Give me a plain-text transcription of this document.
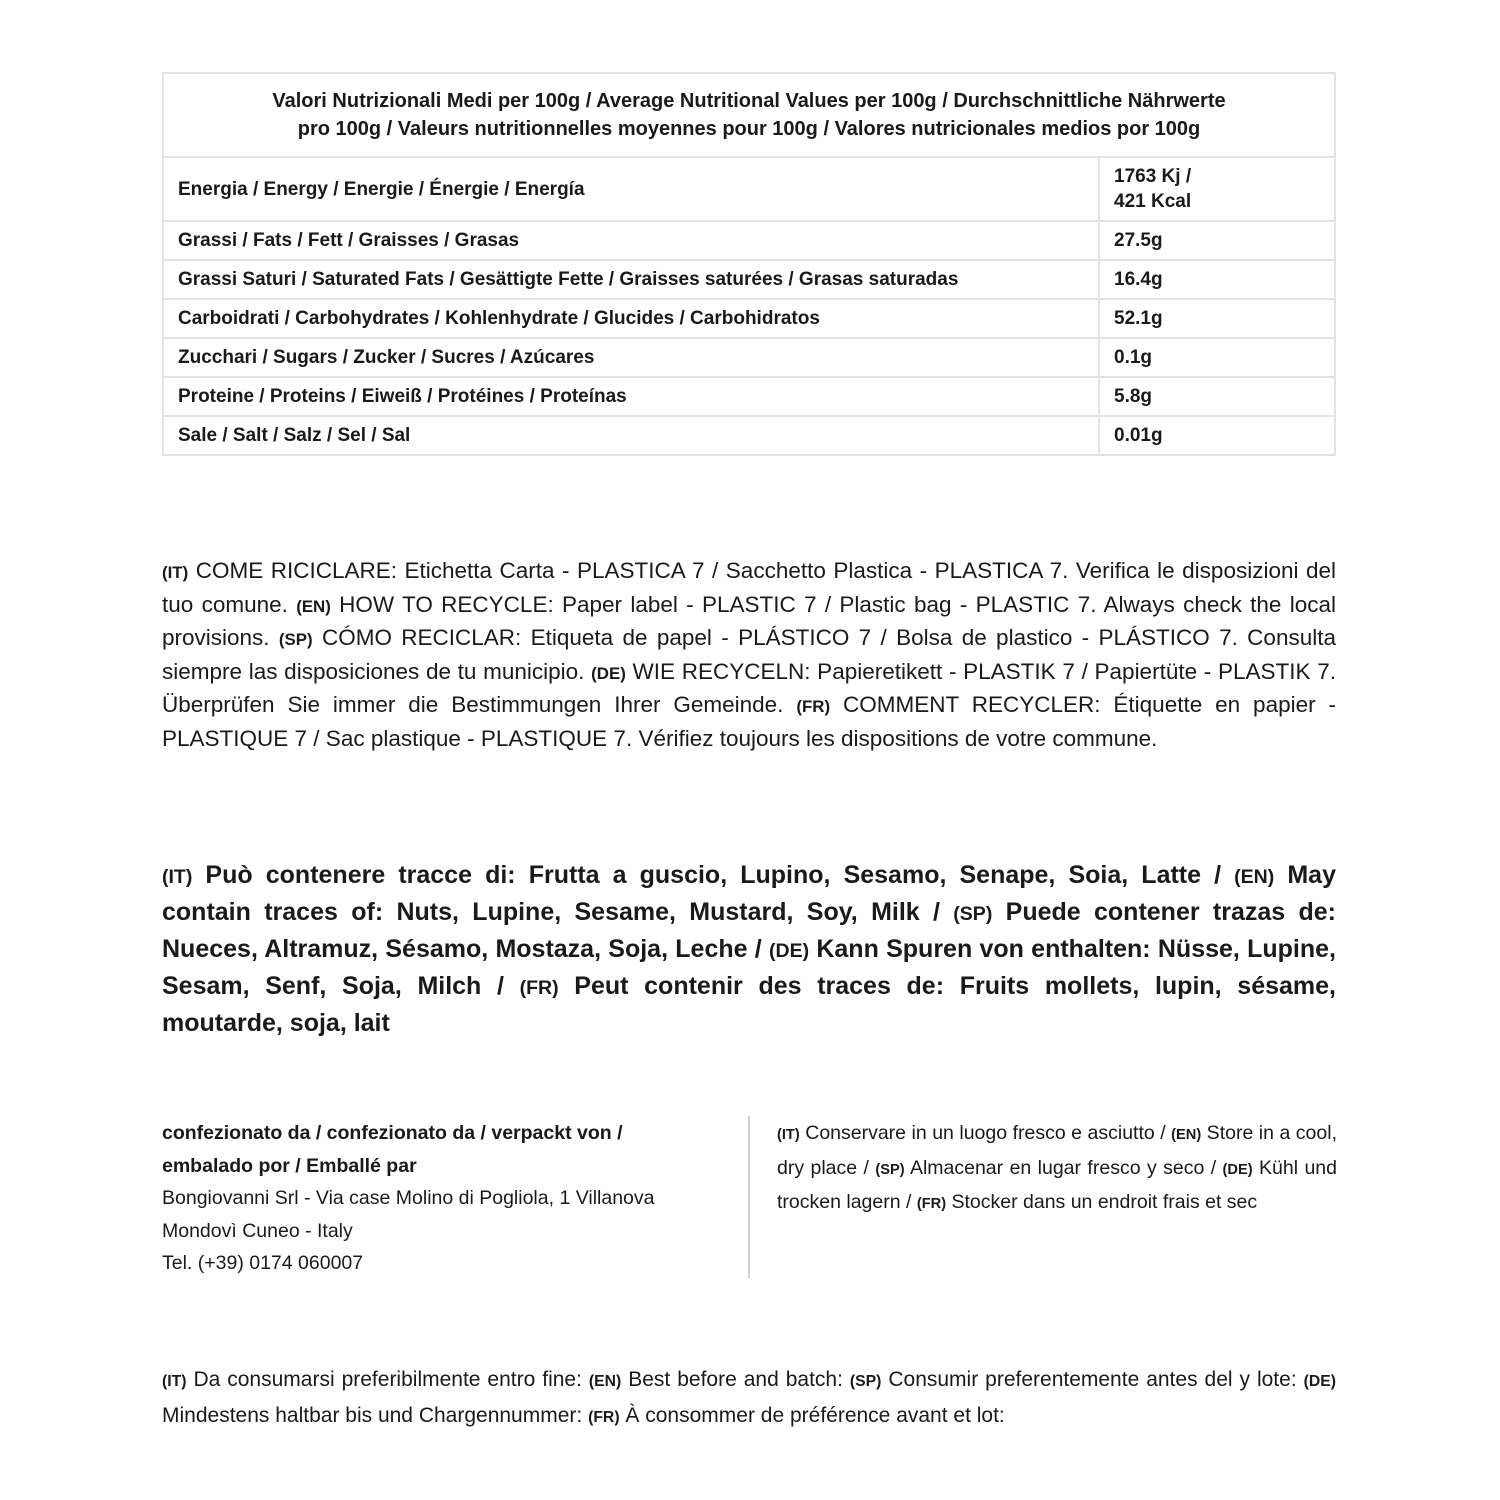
Valori Nutrizionali Medi per 100g / Average Nutritional Values per 100g / Durchschnittliche Nährwerte
pro 100g / Valeurs nutritionnelles moyennes pour 100g / Valores nutricionales medios por 100g	
Energia / Energy / Energie / Énergie / Energía	1763 Kj /
421 Kcal
Grassi / Fats / Fett / Graisses / Grasas	27.5g
Grassi Saturi / Saturated Fats / Gesättigte Fette / Graisses saturées / Grasas saturadas	16.4g
Carboidrati / Carbohydrates / Kohlenhydrate / Glucides / Carbohidratos	52.1g
Zucchari / Sugars / Zucker / Sucres / Azúcares	0.1g
Proteine / Proteins / Eiweiß / Protéines / Proteínas	5.8g
Sale / Salt / Salz / Sel / Sal	0.01g

( IT ) COME RICICLARE: Etichetta Carta - PLASTICA 7 / Sacchetto Plastica - PLASTICA 7. Verifica le disposizioni del tuo comune. ( EN ) HOW TO RECYCLE: Paper label - PLASTIC 7 / Plastic bag - PLASTIC 7. Always check the local provisions. ( SP ) CÓMO RECICLAR: Etiqueta de papel - PLÁSTICO 7 / Bolsa de plastico - PLÁSTICO 7. Consulta siempre las disposiciones de tu municipio. ( DE ) WIE RECYCELN: Papieretikett - PLASTIK 7 / Papiertüte - PLASTIK 7. Überprüfen Sie immer die Bestimmungen Ihrer Gemeinde. ( FR ) COMMENT RECYCLER: Étiquette en papier - PLASTIQUE 7 / Sac plastique - PLASTIQUE 7. Vérifiez toujours les dispositions de votre commune.

( IT ) Può contenere tracce di: Frutta a guscio, Lupino, Sesamo, Senape, Soia, Latte / ( EN ) May contain traces of: Nuts, Lupine, Sesame, Mustard, Soy, Milk / ( SP ) Puede contener trazas de: Nueces, Altramuz, Sésamo, Mostaza, Soja, Leche / ( DE ) Kann Spuren von enthalten: Nüsse, Lupine, Sesam, Senf, Soja, Milch / ( FR ) Peut contenir des traces de: Fruits mollets, lupin, sésame, moutarde, soja, lait

confezionato da / confezionato da / verpackt von /
embalado por / Emballé par
Bongiovanni Srl - Via case Molino di Pogliola, 1 Villanova
Mondovì Cuneo - Italy
Tel. (+39) 0174 060007

( IT ) Conservare in un luogo fresco e asciutto / ( EN ) Store in a cool, dry place / ( SP ) Almacenar en lugar fresco y seco / ( DE ) Kühl und trocken lagern / ( FR ) Stocker dans un endroit frais et sec

( IT ) Da consumarsi preferibilmente entro fine: ( EN ) Best before and batch: ( SP ) Consumir preferentemente antes del y lote: ( DE ) Mindestens haltbar bis und Chargennummer: ( FR ) À consommer de préférence avant et lot:
